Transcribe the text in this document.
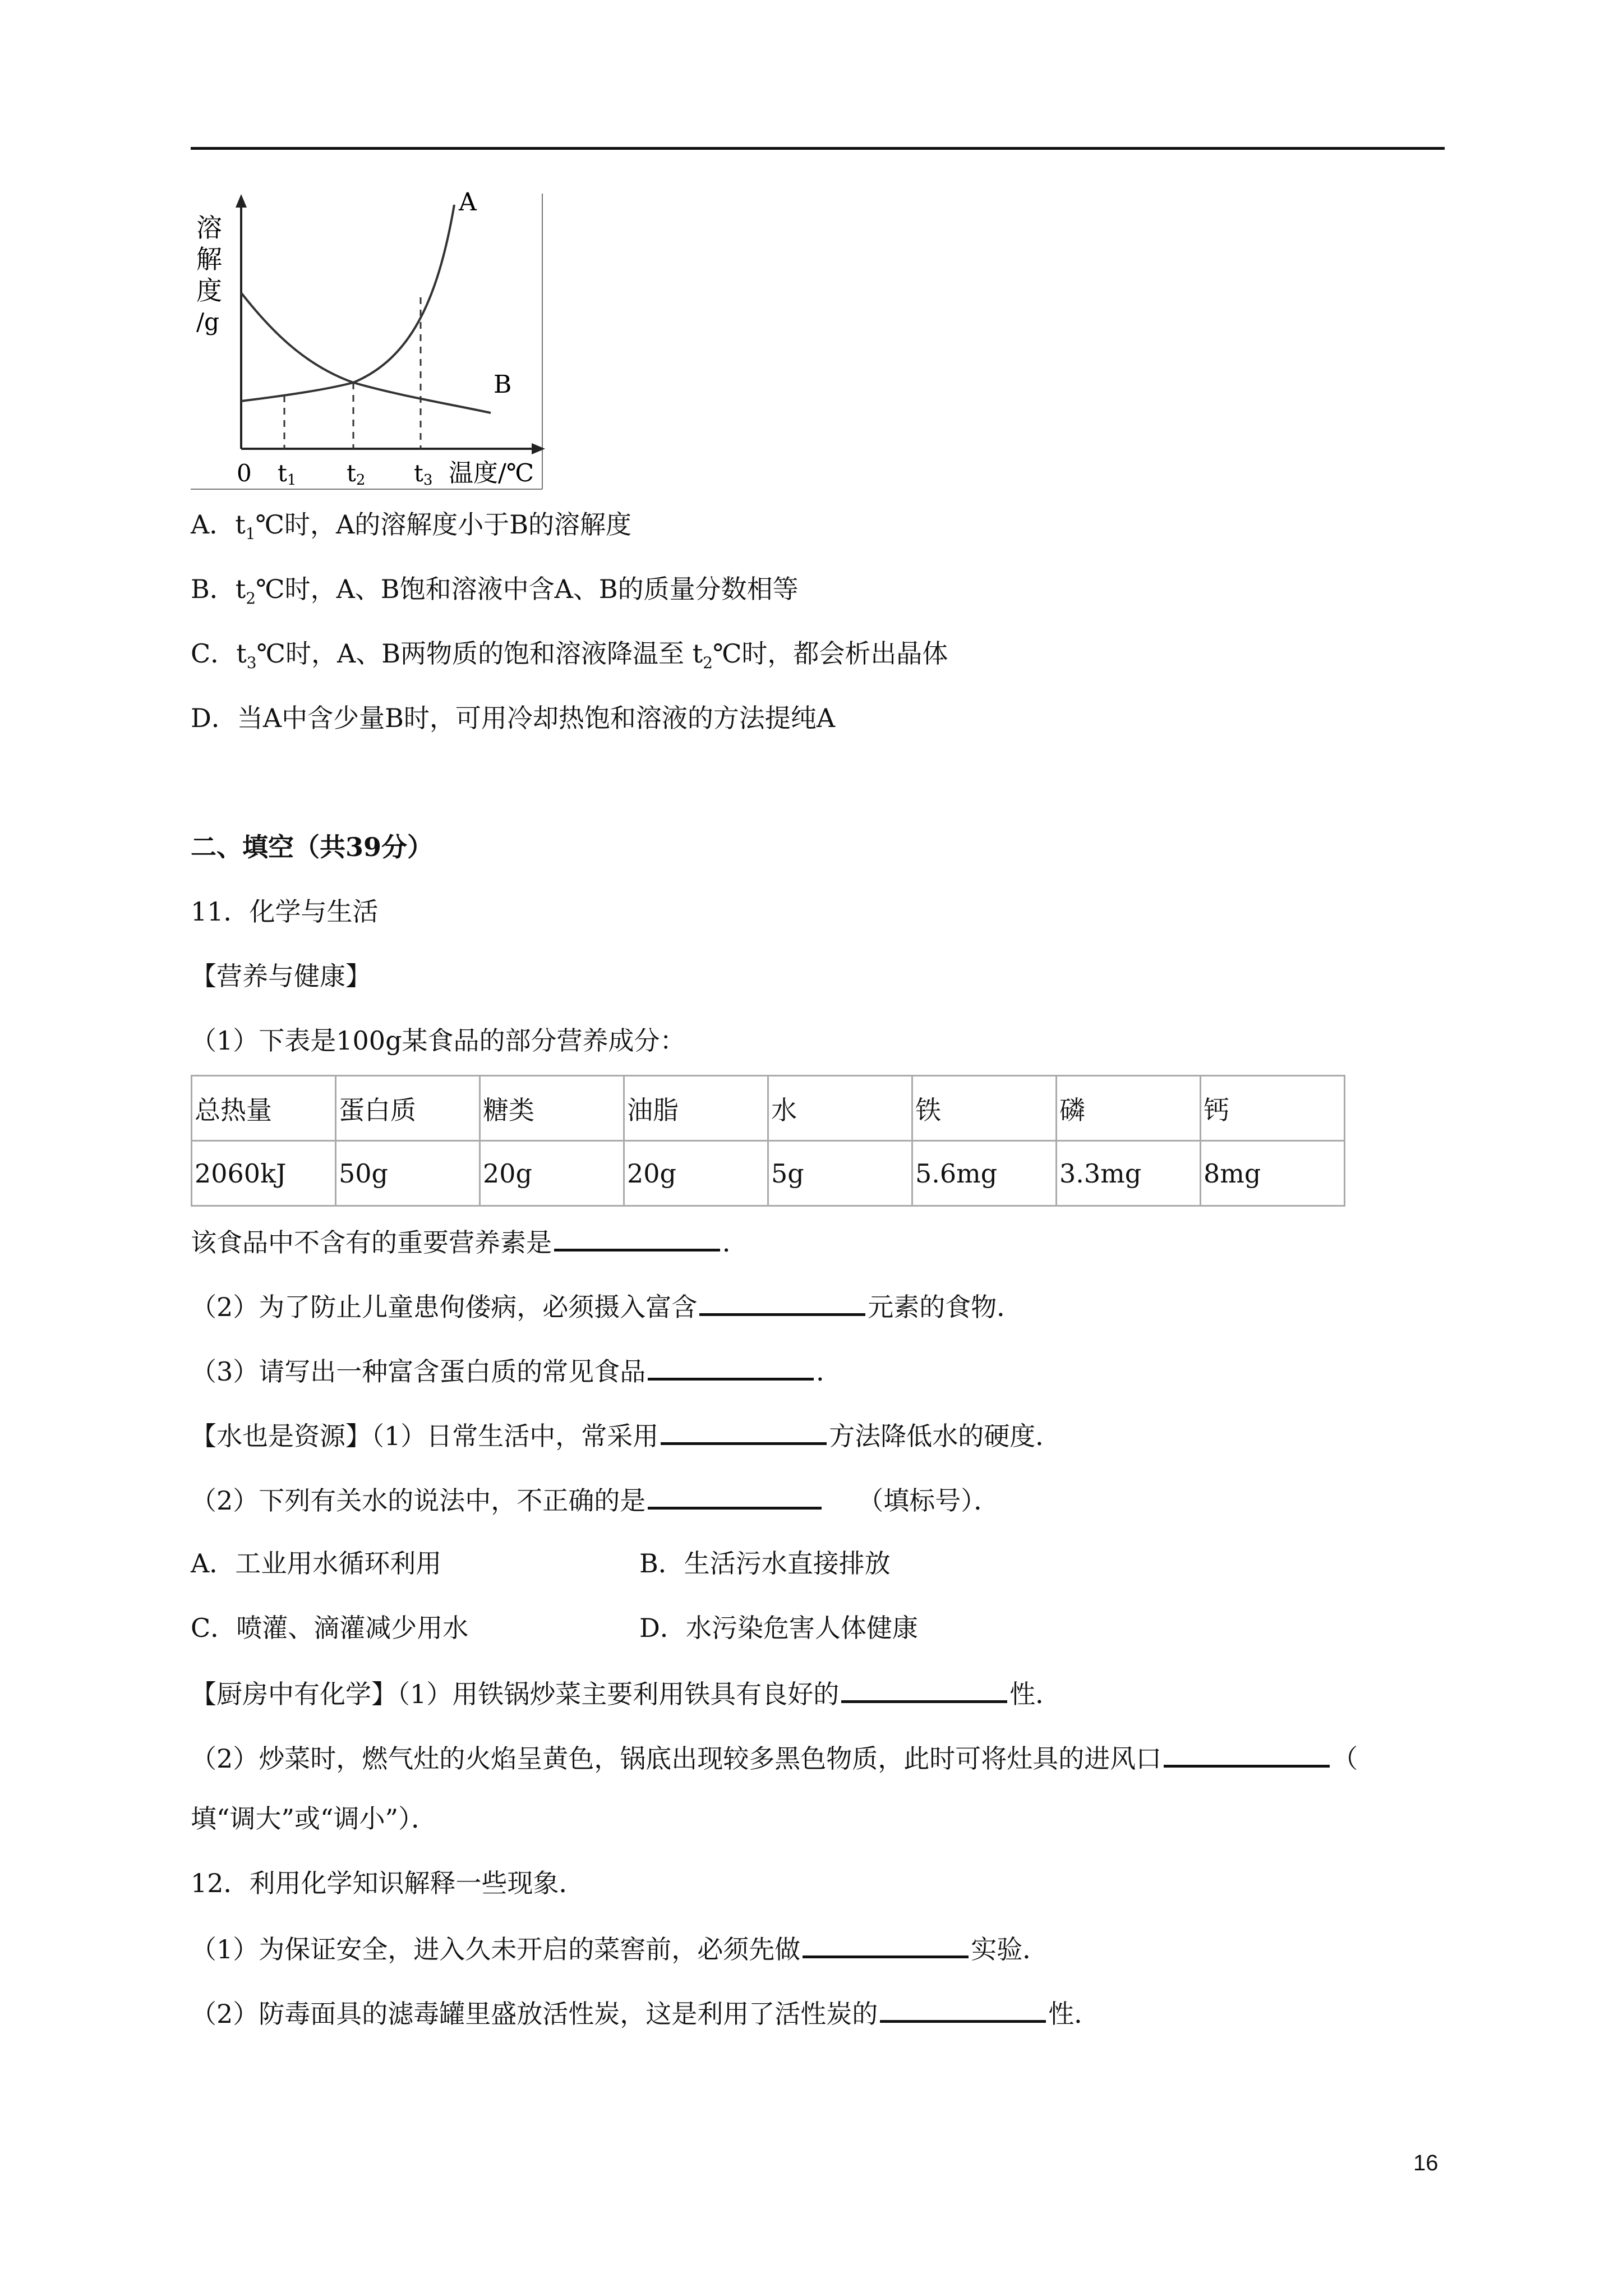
溶
解
度
/g
A
B
0 t1 t2 t3 温度/℃
A．$t_1℃$时，A的溶解度小于B的溶解度
B．$t_2℃$时，A、B饱和溶液中含A、B的质量分数相等
C．$t_3℃$时，A、B两物质的饱和溶液降温至 $t_2℃$时，都会析出晶体
D．当A中含少量B时，可用冷却热饱和溶液的方法提纯A
二、填空（共39分）
11．化学与生活
【营养与健康】
（1）下表是100g某食品的部分营养成分：
总热量	蛋白质	糖类	油脂	水	铁	磷	钙
2060kJ	50g	20g	20g	5g	5.6mg	3.3mg	8mg
该食品中不含有的重要营养素是	．
（2）为了防止儿童患佝偻病，必须摄入富含	元素的食物．
（3）请写出一种富含蛋白质的常见食品	．
【水也是资源】（1）日常生活中，常采用	方法降低水的硬度．
（2）下列有关水的说法中，不正确的是	（填标号）．
A．工业用水循环利用	B．生活污水直接排放
C．喷灌、滴灌减少用水	D．水污染危害人体健康
【厨房中有化学】（1）用铁锅炒菜主要利用铁具有良好的	性．
（2）炒菜时，燃气灶的火焰呈黄色，锅底出现较多黑色物质，此时可将灶具的进风口	（
填“调大”或“调小”）．
12．利用化学知识解释一些现象．
（1）为保证安全，进入久未开启的菜窖前，必须先做	实验．
（2）防毒面具的滤毒罐里盛放活性炭，这是利用了活性炭的	性．
16
